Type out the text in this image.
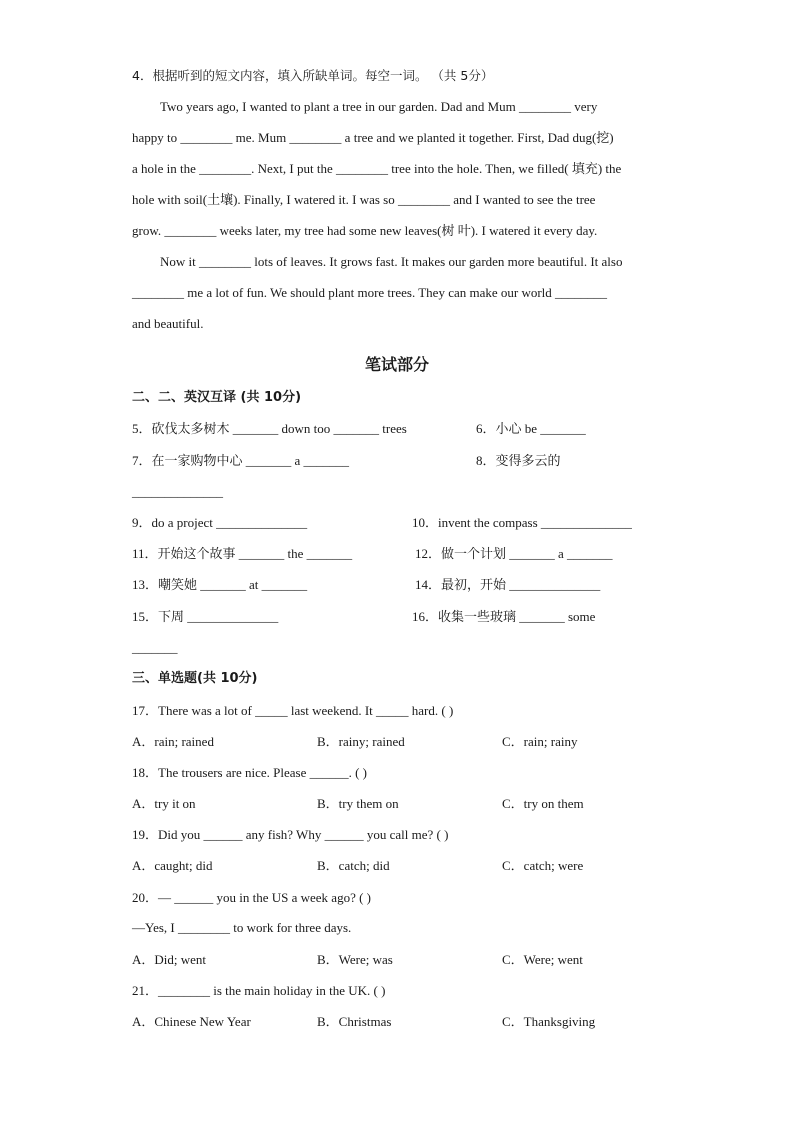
4．根据听到的短文内容，填入所缺单词。每空一词。 （共 5分）
Two years ago, I wanted to plant a tree in our garden. Dad and Mum ________ very
happy to ________ me. Mum ________ a tree and we planted it together. First, Dad dug(挖)
a hole in the ________. Next, I put the ________ tree into the hole. Then, we filled( 填充) the
hole with soil(土壤). Finally, I watered it. I was so ________ and I wanted to see the tree
grow. ________ weeks later, my tree had some new leaves(树 叶). I watered it every day.
Now it ________ lots of leaves. It grows fast. It makes our garden more beautiful. It also
________ me a lot of fun. We should plant more trees. They can make our world ________
and beautiful.
笔试部分
二、二、英汉互译 (共 10分)
5．砍伐太多树木 _______ down too _______ trees	6．小心 be _______
7．在一家购物中心 _______ a _______	8．变得多云的
______________
9．do a project ______________	10．invent the compass ______________
11．开始这个故事 _______ the _______	12．做一个计划 _______ a _______
13．嘲笑她 _______ at _______	14．最初，开始 ______________
15．下周 ______________	16．收集一些玻璃 _______ some
_______
三、单选题(共 10分)
17．There was a lot of _____ last weekend. It _____ hard. ( )
A．rain; rained	B．rainy; rained	C．rain; rainy
18．The trousers are nice. Please ______. ( )
A．try it on	B．try them on	C．try on them
19．Did you ______ any fish? Why ______ you call me? ( )
A．caught; did	B．catch; did	C．catch; were
20．— ______ you in the US a week ago? ( )
—Yes, I ________ to work for three days.
A．Did; went	B．Were; was	C．Were; went
21．________ is the main holiday in the UK. ( )
A．Chinese New Year	B．Christmas	C．Thanksgiving
